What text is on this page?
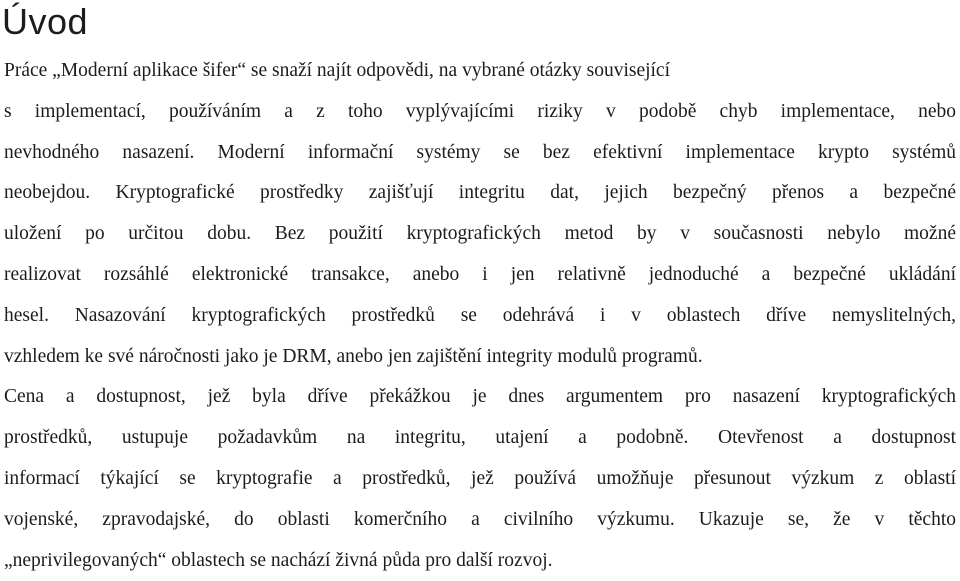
Úvod
Práce „Moderní aplikace šifer“ se snaží najít odpovědi, na vybrané otázky související
s implementací, používáním a z toho vyplývajícími riziky v podobě chyb implementace, nebo
nevhodného nasazení. Moderní informační systémy se bez efektivní implementace krypto systémů
neobejdou. Kryptografické prostředky zajišťují integritu dat, jejich bezpečný přenos a bezpečné
uložení po určitou dobu. Bez použití kryptografických metod by v současnosti nebylo možné
realizovat rozsáhlé elektronické transakce, anebo i jen relativně jednoduché a bezpečné ukládání
hesel. Nasazování kryptografických prostředků se odehrává i v oblastech dříve nemyslitelných,
vzhledem ke své náročnosti jako je DRM, anebo jen zajištění integrity modulů programů.
Cena a dostupnost, jež byla dříve překážkou je dnes argumentem pro nasazení kryptografických
prostředků, ustupuje požadavkům na integritu, utajení a podobně. Otevřenost a dostupnost
informací týkající se kryptografie a prostředků, jež používá umožňuje přesunout výzkum z oblastí
vojenské, zpravodajské, do oblasti komerčního a civilního výzkumu. Ukazuje se, že v těchto
„neprivilegovaných“ oblastech se nachází živná půda pro další rozvoj.
